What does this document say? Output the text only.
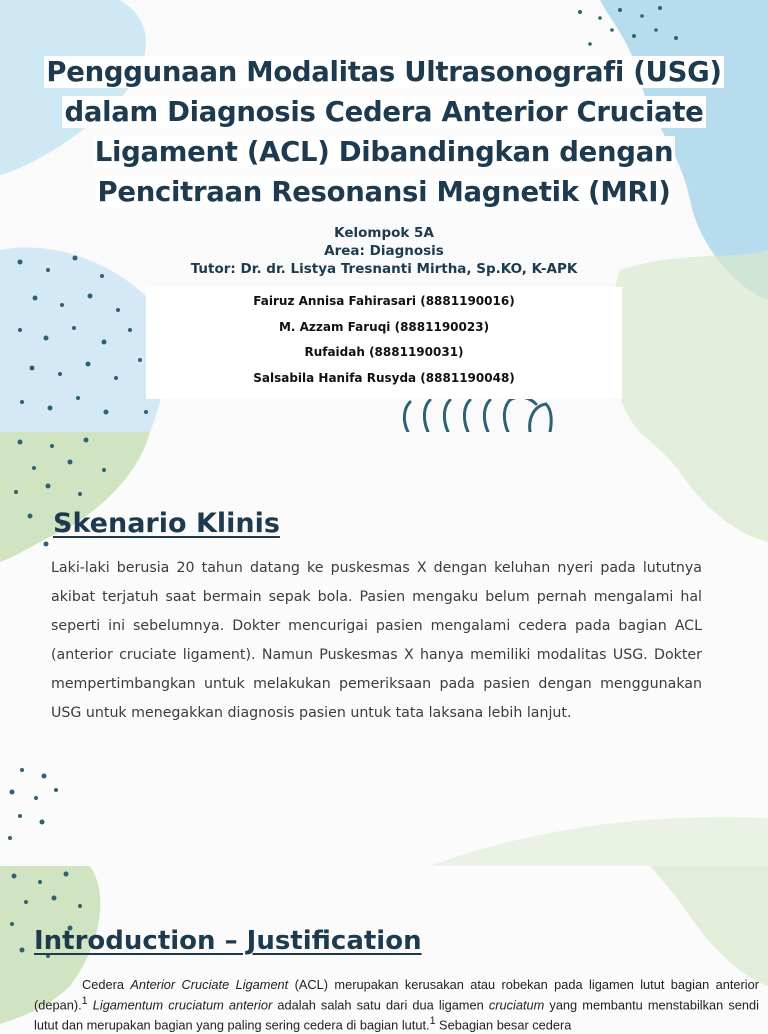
Penggunaan Modalitas Ultrasonografi (USG)
dalam Diagnosis Cedera Anterior Cruciate
Ligament (ACL) Dibandingkan dengan
Pencitraan Resonansi Magnetik (MRI)
Kelompok 5A
Area: Diagnosis
Tutor: Dr. dr. Listya Tresnanti Mirtha, Sp.KO, K-APK
Fairuz Annisa Fahirasari (8881190016)
M. Azzam Faruqi (8881190023)
Rufaidah (8881190031)
Salsabila Hanifa Rusyda (8881190048)
Skenario Klinis

Laki-laki berusia 20 tahun datang ke puskesmas X dengan keluhan nyeri pada lututnya akibat terjatuh saat bermain sepak bola. Pasien mengaku belum pernah mengalami hal seperti ini sebelumnya. Dokter mencurigai pasien mengalami cedera pada bagian ACL (anterior cruciate ligament). Namun Puskesmas X hanya memiliki modalitas USG. Dokter mempertimbangkan untuk melakukan pemeriksaan pada pasien dengan menggunakan USG untuk menegakkan diagnosis pasien untuk tata laksana lebih lanjut.

Introduction – Justification

Cedera Anterior Cruciate Ligament (ACL) merupakan kerusakan atau robekan pada ligamen lutut bagian anterior (depan).$^1$ Ligamentum cruciatum anterior adalah salah satu dari dua ligamen cruciatum yang membantu menstabilkan sendi lutut dan merupakan bagian yang paling sering cedera di bagian lutut.$^1$ Sebagian besar cedera
